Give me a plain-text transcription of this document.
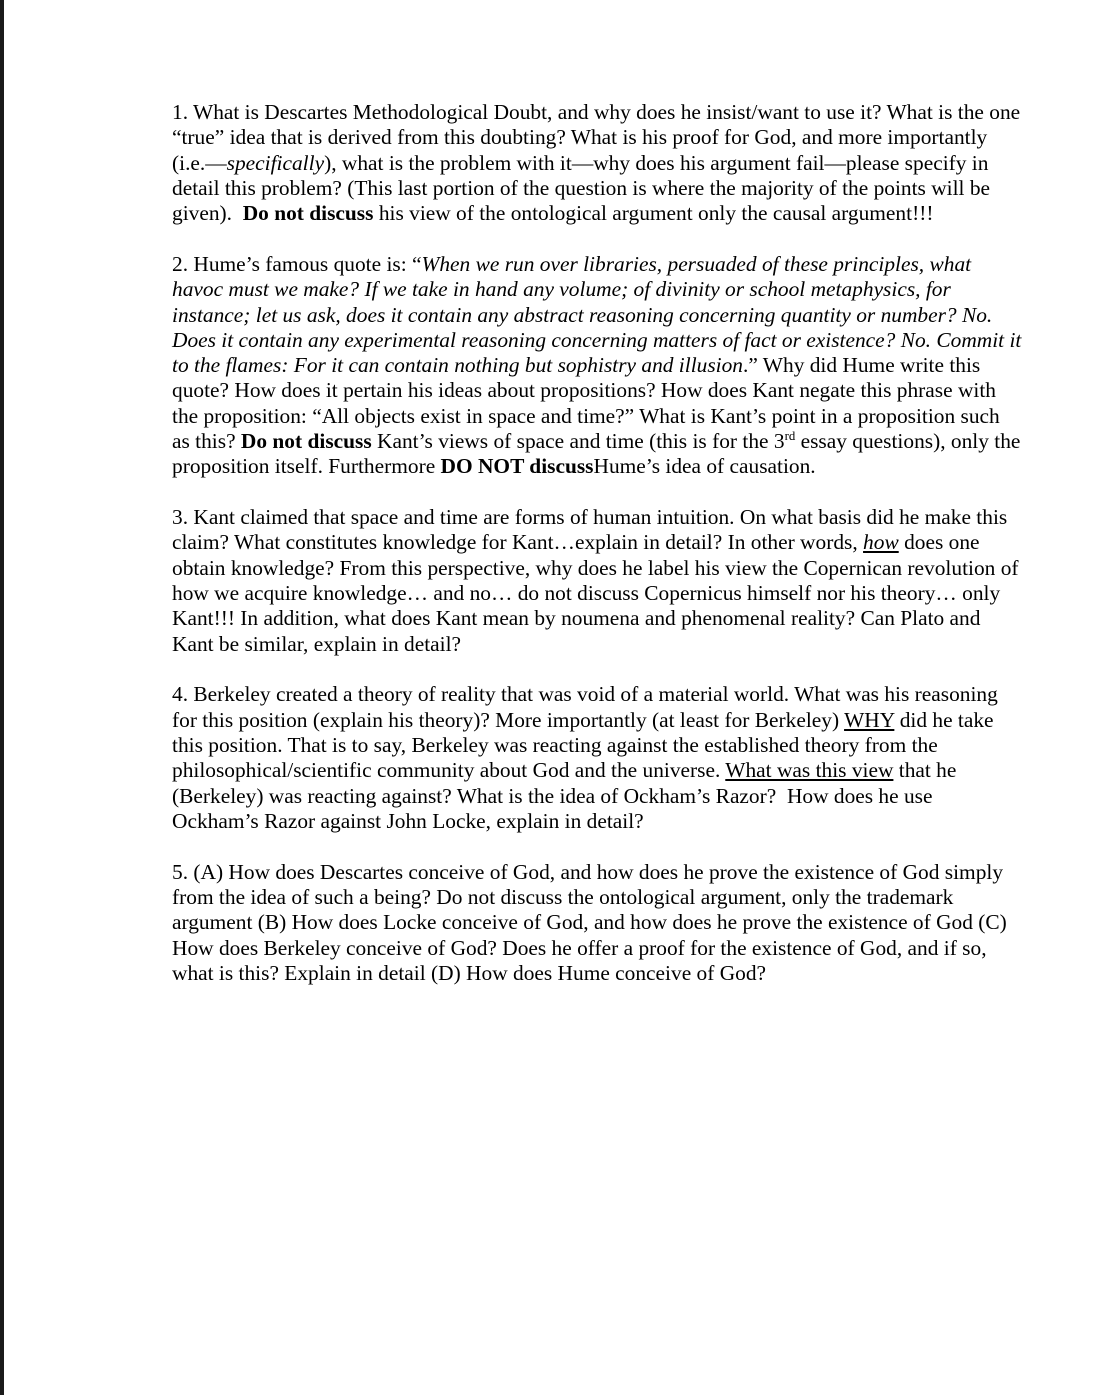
1. What is Descartes Methodological Doubt, and why does he insist/want to use it? What is the one “true” idea that is derived from this doubting? What is his proof for God, and more importantly (i.e.—specifically), what is the problem with it—why does his argument fail—please specify in detail this problem? (This last portion of the question is where the majority of the points will be given).  Do not discuss his view of the ontological argument only the causal argument!!!

2. Hume’s famous quote is: “When we run over libraries, persuaded of these principles, what havoc must we make? If we take in hand any volume; of divinity or school metaphysics, for instance; let us ask, does it contain any abstract reasoning concerning quantity or number? No. Does it contain any experimental reasoning concerning matters of fact or existence? No. Commit it to the flames: For it can contain nothing but sophistry and illusion.” Why did Hume write this quote? How does it pertain his ideas about propositions? How does Kant negate this phrase with the proposition: “All objects exist in space and time?” What is Kant’s point in a proposition such as this? Do not discuss Kant’s views of space and time (this is for the 3rd essay questions), only the proposition itself. Furthermore DO NOT discussHume’s idea of causation.

3. Kant claimed that space and time are forms of human intuition. On what basis did he make this claim? What constitutes knowledge for Kant…explain in detail? In other words, how does one obtain knowledge? From this perspective, why does he label his view the Copernican revolution of how we acquire knowledge… and no… do not discuss Copernicus himself nor his theory… only Kant!!! In addition, what does Kant mean by noumena and phenomenal reality? Can Plato and Kant be similar, explain in detail?

4. Berkeley created a theory of reality that was void of a material world. What was his reasoning for this position (explain his theory)? More importantly (at least for Berkeley) WHY did he take this position. That is to say, Berkeley was reacting against the established theory from the philosophical/scientific community about God and the universe. What was this view that he (Berkeley) was reacting against? What is the idea of Ockham’s Razor?  How does he use Ockham’s Razor against John Locke, explain in detail?

5. (A) How does Descartes conceive of God, and how does he prove the existence of God simply from the idea of such a being? Do not discuss the ontological argument, only the trademark argument (B) How does Locke conceive of God, and how does he prove the existence of God (C) How does Berkeley conceive of God? Does he offer a proof for the existence of God, and if so, what is this? Explain in detail (D) How does Hume conceive of God?
